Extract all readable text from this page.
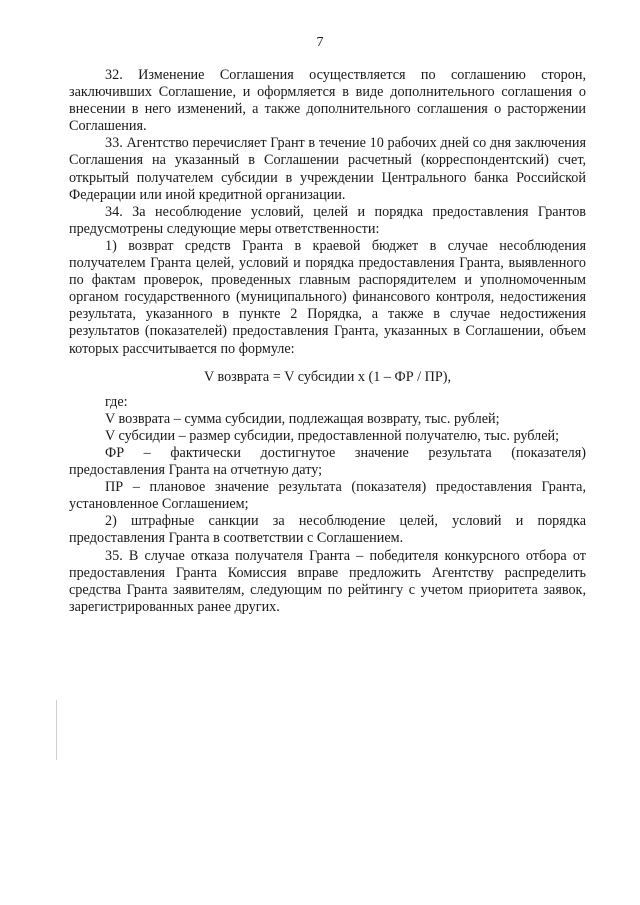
7

32. Изменение Соглашения осуществляется по соглашению сторон, заключивших Соглашение, и оформляется в виде дополнительного соглашения о внесении в него изменений, а также дополнительного соглашения о расторжении Соглашения.

33. Агентство перечисляет Грант в течение 10 рабочих дней со дня заключения Соглашения на указанный в Соглашении расчетный (корреспондентский) счет, открытый получателем субсидии в учреждении Центрального банка Российской Федерации или иной кредитной организации.

34. За несоблюдение условий, целей и порядка предоставления Грантов предусмотрены следующие меры ответственности:

1) возврат средств Гранта в краевой бюджет в случае несоблюдения получателем Гранта целей, условий и порядка предоставления Гранта, выявленного по фактам проверок, проведенных главным распорядителем и уполномоченным органом государственного (муниципального) финансового контроля, недостижения результата, указанного в пункте 2 Порядка, а также в случае недостижения результатов (показателей) предоставления Гранта, указанных в Соглашении, объем которых рассчитывается по формуле:

V возврата = V субсидии x (1 – ФР / ПР),

где:

V возврата – сумма субсидии, подлежащая возврату, тыс. рублей;

V субсидии – размер субсидии, предоставленной получателю, тыс. рублей;

ФР – фактически достигнутое значение результата (показателя) предоставления Гранта на отчетную дату;

ПР – плановое значение результата (показателя) предоставления Гранта, установленное Соглашением;

2) штрафные санкции за несоблюдение целей, условий и порядка предоставления Гранта в соответствии с Соглашением.

35. В случае отказа получателя Гранта – победителя конкурсного отбора от предоставления Гранта Комиссия вправе предложить Агентству распределить средства Гранта заявителям, следующим по рейтингу с учетом приоритета заявок, зарегистрированных ранее других.
